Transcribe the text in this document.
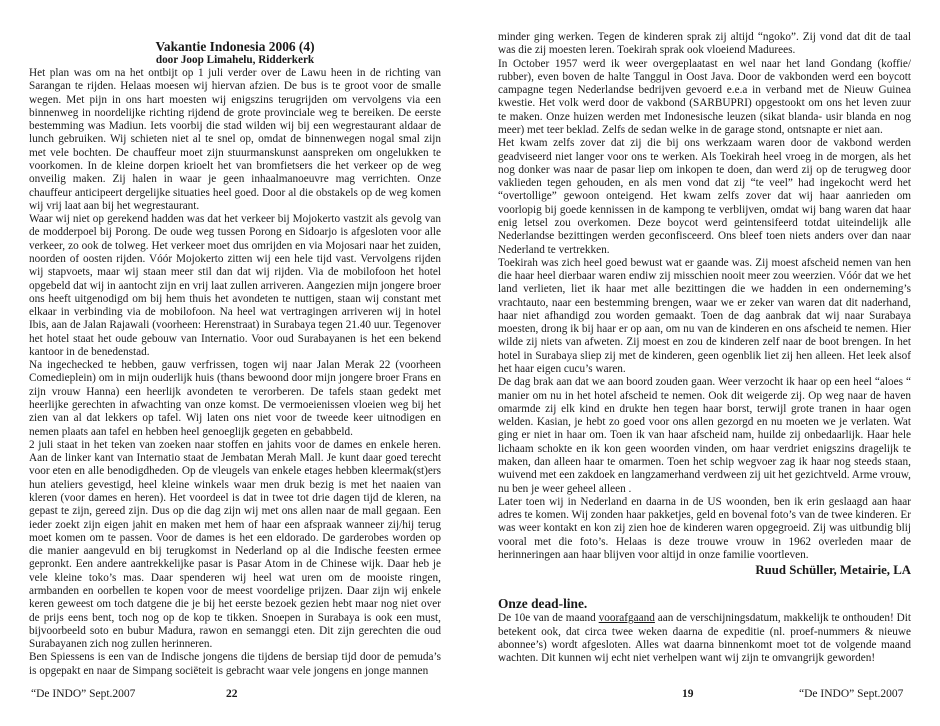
Vakantie Indonesia 2006 (4)
door Joop Limahelu, Ridderkerk

Het plan was om na het ontbijt op 1 juli verder over de Lawu heen in de richting van Sarangan te rijden. Helaas moesen wij hiervan afzien. De bus is te groot voor de smalle wegen. Met pijn in ons hart moesten wij enigszins terugrijden om vervolgens via een binnenweg in noordelijke richting rijdend de grote provinciale weg te bereiken. De eerste bestemming was Madiun. Iets voorbij die stad wilden wij bij een wegrestaurant aldaar de lunch gebruiken. Wij schieten niet al te snel op, omdat de binnenwegen nogal smal zijn met vele bochten. De chauffeur moet zijn stuurmanskunst aanspreken om ongelukken te voorkomen. In de kleine dorpen krioelt het van bromfietsers die het verkeer op de weg onveilig maken. Zij halen in waar je geen inhaalmanoeuvre mag verrichten. Onze chauffeur anticipeert dergelijke situaties heel goed. Door al die obstakels op de weg komen wij vrij laat aan bij het wegrestaurant.

Waar wij niet op gerekend hadden was dat het verkeer bij Mojokerto vastzit als gevolg van de modderpoel bij Porong. De oude weg tussen Porong en Sidoarjo is afgesloten voor alle verkeer, zo ook de tolweg. Het verkeer moet dus omrijden en via Mojosari naar het zuiden, noorden of oosten rijden. Vóór Mojokerto zitten wij een hele tijd vast. Vervolgens rijden wij stapvoets, maar wij staan meer stil dan dat wij rijden. Via de mobilofoon het hotel opgebeld dat wij in aantocht zijn en vrij laat zullen arriveren. Aangezien mijn jongere broer ons heeft uitgenodigd om bij hem thuis het avondeten te nuttigen, staan wij constant met elkaar in verbinding via de mobilofoon. Na heel wat vertragingen arriveren wij in hotel Ibis, aan de Jalan Rajawali (voorheen: Herenstraat) in Surabaya tegen 21.40 uur. Tegenover het hotel staat het oude gebouw van Internatio. Voor oud Surabayanen is het een bekend kantoor in de benedenstad.

Na ingechecked te hebben, gauw verfrissen, togen wij naar Jalan Merak 22 (voorheen Comedieplein) om in mijn ouderlijk huis (thans bewoond door mijn jongere broer Frans en zijn vrouw Hanna) een heerlijk avondeten te verorberen. De tafels staan gedekt met heerlijke gerechten in afwachting van onze komst. De vermoeienissen vloeien weg bij het zien van al dat lekkers op tafel. Wij laten ons niet voor de tweede keer uitnodigen en nemen plaats aan tafel en hebben heel genoeglijk gegeten en gebabbeld.

2 juli staat in het teken van zoeken naar stoffen en jahits voor de dames en enkele heren. Aan de linker kant van Internatio staat de Jembatan Merah Mall. Je kunt daar goed terecht voor eten en alle benodigdheden. Op de vleugels van enkele etages hebben kleermak(st)ers hun ateliers gevestigd, heel kleine winkels waar men druk bezig is met het naaien van kleren (voor dames en heren). Het voordeel is dat in twee tot drie dagen tijd de kleren, na gepast te zijn, gereed zijn. Dus op die dag zijn wij met ons allen naar de mall gegaan. Een ieder zoekt zijn eigen jahit en maken met hem of haar een afspraak wanneer zij/hij terug moet komen om te passen. Voor de dames is het een eldorado. De garderobes worden op die manier aangevuld en bij terugkomst in Nederland op al die Indische feesten ermee gepronkt. Een andere aantrekkelijke pasar is Pasar Atom in de Chinese wijk. Daar heb je vele kleine toko’s mas. Daar spenderen wij heel wat uren om de mooiste ringen, armbanden en oorbellen te kopen voor de meest voordelige prijzen. Daar zijn wij enkele keren geweest om toch datgene die je bij het eerste bezoek gezien hebt maar nog niet over de prijs eens bent, toch nog op de kop te tikken. Snoepen in Surabaya is ook een must, bijvoorbeeld soto en bubur Madura, rawon en semanggi eten. Dit zijn gerechten die oud Surabayanen zich nog zullen herinneren.

Ben Spiessens is een van de Indische jongens die tijdens de bersiap tijd door de pemuda’s is opgepakt en naar de Simpang sociëteit is gebracht waar vele jongens en jonge mannen

minder ging werken. Tegen de kinderen sprak zij altijd “ngoko”. Zij vond dat dit de taal was die zij moesten leren. Toekirah sprak ook vloeiend Madurees.

In October 1957 werd ik weer overgeplaatast en wel naar het land Gondang (koffie/ rubber), even boven de halte Tanggul in Oost Java. Door de vakbonden werd een boycott campagne tegen Nederlandse bedrijven gevoerd e.e.a in verband met de Nieuw Guinea kwestie. Het volk werd door de vakbond (SARBUPRI) opgestookt om ons het leven zuur te maken. Onze huizen werden met Indonesische leuzen (sikat blanda- usir blanda en nog meer) met teer beklad. Zelfs de sedan welke in de garage stond, ontsnapte er niet aan.

Het kwam zelfs zover dat zij die bij ons werkzaam waren door de vakbond werden geadviseerd niet langer voor ons te werken. Als Toekirah heel vroeg in de morgen, als het nog donker was naar de pasar liep om inkopen te doen, dan werd zij op de terugweg door vaklieden tegen gehouden, en als men vond dat zij “te veel” had ingekocht werd het “overtollige” gewoon onteigend. Het kwam zelfs zover dat wij haar aanrieden om voorlopig bij goede kennissen in de kampong te verblijven, omdat wij bang waren dat haar enig letsel zou overkomen. Deze boycot werd geintensifeerd totdat uiteindelijk alle Nederlandse bezittingen werden geconfisceerd. Ons bleef toen niets anders over dan naar Nederland te vertrekken.

Toekirah was zich heel goed bewust wat er gaande was. Zij moest afscheid nemen van hen die haar heel dierbaar waren endiw zij misschien nooit meer zou weerzien. Vóór dat we het land verlieten, liet ik haar met alle bezittingen die we hadden in een onderneming’s vrachtauto, naar een bestemming brengen, waar we er zeker van waren dat dit naderhand, haar niet afhandigd zou worden gemaakt. Toen de dag aanbrak dat wij naar Surabaya moesten, drong ik bij haar er op aan, om nu van de kinderen en ons afscheid te nemen. Hier wilde zij niets van afweten. Zij moest en zou de kinderen zelf naar de boot brengen. In het hotel in Surabaya sliep zij met de kinderen, geen ogenblik liet zij hen alleen. Het leek alsof het haar eigen cucu’s waren.

De dag brak aan dat we aan boord zouden gaan. Weer verzocht ik haar op een heel “aloes “ manier om nu in het hotel afscheid te nemen. Ook dit weigerde zij. Op weg naar de haven omarmde zij elk kind en drukte hen tegen haar borst, terwijl grote tranen in haar ogen welden. Kasian, je hebt zo goed voor ons allen gezorgd en nu moeten we je verlaten. Wat ging er niet in haar om. Toen ik van haar afscheid nam, huilde zij onbedaarlijk. Haar hele lichaam schokte en ik kon geen woorden vinden, om haar verdriet enigszins dragelijk te maken, dan alleen haar te omarmen. Toen het schip wegvoer zag ik haar nog steeds staan, wuivend met een zakdoek en langzamerhand verdween zij uit het gezichtveld. Arme vrouw, nu ben je weer geheel alleen .

Later toen wij in Nederland en daarna in de US woonden, ben ik erin geslaagd aan haar adres te komen. Wij zonden haar pakketjes, geld en bovenal foto’s van de twee kinderen. Er was weer kontakt en kon zij zien hoe de kinderen waren opgegroeid. Zij was uitbundig blij vooral met die foto’s. Helaas is deze trouwe vrouw in 1962 overleden maar de herinneringen aan haar blijven voor altijd in onze familie voortleven.

Ruud Schüller, Metairie, LA
Onze dead-line.

De 10e van de maand voorafgaand aan de verschijningsdatum, makkelijk te onthouden! Dit betekent ook, dat circa twee weken daarna de expeditie (nl. proef-nummers & nieuwe abonnee’s) wordt afgesloten. Alles wat daarna binnenkomt moet tot de volgende maand wachten. Dit kunnen wij echt niet verhelpen want wij zijn te omvangrijk geworden!

“De INDO” Sept.2007	22	19	“De INDO” Sept.2007
